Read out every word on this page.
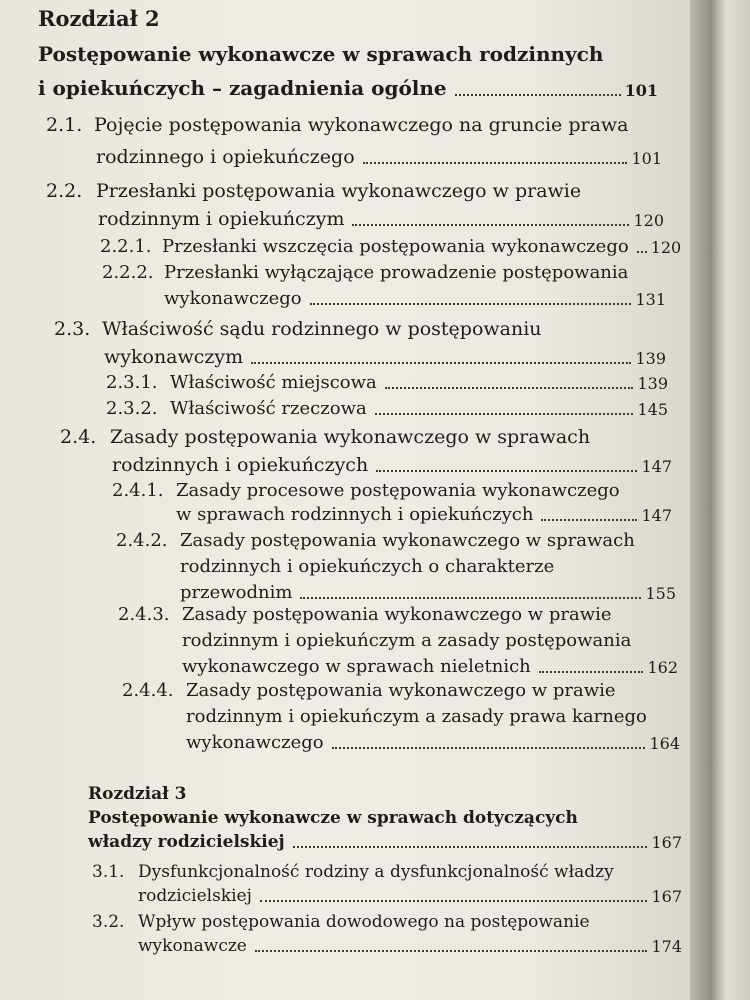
Rozdział 2
Postępowanie wykonawcze w sprawach rodzinnych
i opiekuńczych – zagadnienia ogólne	101
2.1. Pojęcie postępowania wykonawczego na gruncie prawa
rodzinnego i opiekuńczego	101
2.2. Przesłanki postępowania wykonawczego w prawie
rodzinnym i opiekuńczym	120
2.2.1. Przesłanki wszczęcia postępowania wykonawczego 120
2.2.2. Przesłanki wyłączające prowadzenie postępowania
wykonawczego	131
2.3. Właściwość sądu rodzinnego w postępowaniu
wykonawczym	139
2.3.1. Właściwość miejscowa	139
2.3.2. Właściwość rzeczowa	145
2.4. Zasady postępowania wykonawczego w sprawach
rodzinnych i opiekuńczych	147
2.4.1. Zasady procesowe postępowania wykonawczego
w sprawach rodzinnych i opiekuńczych	147
2.4.2. Zasady postępowania wykonawczego w sprawach
rodzinnych i opiekuńczych o charakterze
przewodnim	155
2.4.3. Zasady postępowania wykonawczego w prawie
rodzinnym i opiekuńczym a zasady postępowania
wykonawczego w sprawach nieletnich	162
2.4.4. Zasady postępowania wykonawczego w prawie
rodzinnym i opiekuńczym a zasady prawa karnego
wykonawczego	164
Rozdział 3
Postępowanie wykonawcze w sprawach dotyczących
władzy rodzicielskiej	167
3.1. Dysfunkcjonalność rodziny a dysfunkcjonalność władzy
rodzicielskiej	167
3.2. Wpływ postępowania dowodowego na postępowanie
wykonawcze	174
